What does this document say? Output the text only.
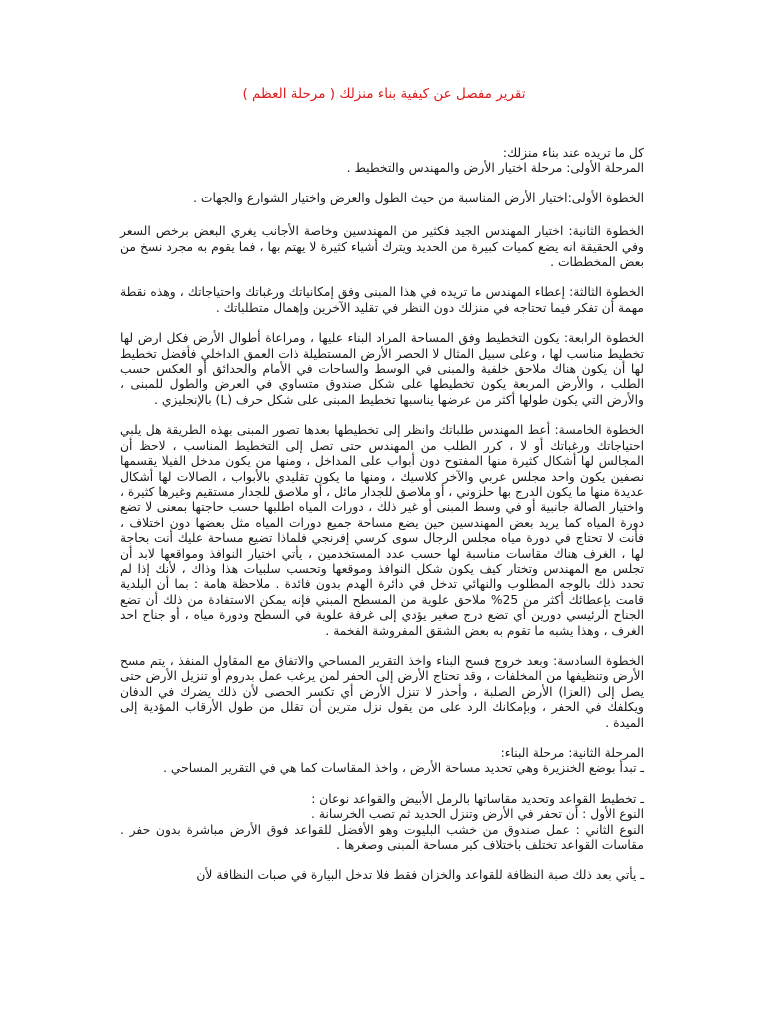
تقرير مفصل عن كيفية بناء منزلك ( مرحلة العظم )

كل ما تريده عند بناء منزلك:
المرحلة الأولى: مرحلة اختيار الأرض والمهندس والتخطيط .

الخطوة الأولى:اختيار الأرض المناسبة من حيث الطول والعرض واختيار الشوارع والجهات .

الخطوة الثانية: اختيار المهندس الجيد فكثير من المهندسين وخاصة الأجانب يغري البعض برخص السعر وفي الحقيقة انه يضع كميات كبيرة من الحديد ويترك أشياء كثيرة لا يهتم بها ، فما يقوم به مجرد نسخ من بعض المخططات .

الخطوة الثالثة: إعطاء المهندس ما تريده في هذا المبنى وفق إمكانياتك ورغباتك واحتياجاتك ، وهذه نقطة مهمة أن تفكر فيما تحتاجه في منزلك دون النظر في تقليد الآخرين وإهمال متطلباتك .

الخطوة الرابعة: يكون التخطيط وفق المساحة المراد البناء عليها ، ومراعاة أطوال الأرض فكل ارض لها تخطيط مناسب لها ، وعلى سبيل المثال لا الحصر الأرض المستطيلة ذات العمق الداخلي فأفضل تخطيط لها أن يكون هناك ملاحق خلفية والمبنى في الوسط والساحات في الأمام والحدائق أو العكس حسب الطلب ، والأرض المربعة يكون تخطيطها على شكل صندوق متساوي في العرض والطول للمبنى ، والأرض التي يكون طولها أكثر من عرضها يناسبها تخطيط المبنى على شكل حرف (L) بالإنجليزي .

الخطوة الخامسة: أعط المهندس طلباتك وانظر إلى تخطيطها بعدها تصور المبنى بهذه الطريقة هل يلبي احتياجاتك ورغباتك أو لا ، كرر الطلب من المهندس حتى تصل إلى التخطيط المناسب ، لاحظ أن المجالس لها أشكال كثيرة منها المفتوح دون أبواب على المداخل ، ومنها من يكون مدخل الفيلا يقسمها نصفين يكون واحد مجلس عربي والآخر كلاسيك ، ومنها ما يكون تقليدي بالأبواب ، الصالات لها أشكال عديدة منها ما يكون الدرج بها حلزوني ، أو ملاصق للجدار مائل ، أو ملاصق للجدار مستقيم وغيرها كثيرة ، واختيار الصالة جانبية أو في وسط المبنى أو غير ذلك ، دورات المياه اطلبها حسب حاجتها بمعنى لا تضع دورة المياه كما يريد بعض المهندسين حين يضع مساحة جميع دورات المياه مثل بعضها دون اختلاف ، فأنت لا تحتاج في دورة مياه مجلس الرجال سوى كرسي إفرنجي فلماذا تضيع مساحة عليك أنت بحاجة لها ، الغرف هناك مقاسات مناسبة لها حسب عدد المستخدمين ، يأتي اختيار النوافذ ومواقعها لابد أن تجلس مع المهندس وتختار كيف يكون شكل النوافذ وموقعها وتحسب سلبيات هذا وذاك ، لأنك إذا لم تحدد ذلك بالوجه المطلوب والنهائي تدخل في دائرة الهدم بدون فائدة . ملاحظة هامة : بما أن البلدية قامت بإعطائك أكثر من 25% ملاحق علوية من المسطح المبني فإنه يمكن الاستفادة من ذلك أن تضع الجناح الرئيسي دورين أي تضع درج صغير يؤدي إلى غرفة علوية في السطح ودورة مياه ، أو جناح احد الغرف ، وهذا يشبه ما تقوم به بعض الشقق المفروشة الفخمة .

الخطوة السادسة: وبعد خروج فسح البناء واخذ التقرير المساحي والاتفاق مع المقاول المنفذ ، يتم مسح الأرض وتنظيفها من المخلفات ، وقد تحتاج الأرض إلى الحفر لمن يرغب عمل بدروم أو تنزيل الأرض حتى يصل إلى (العزا) الأرض الصلبة ، وأحذر لا تنزل الأرض أي تكسر الحصى لأن ذلك يضرك في الدفان ويكلفك في الحفر ، وبإمكانك الرد على من يقول نزل مترين أن تقلل من طول الأرقاب المؤدية إلى الميدة .

المرحلة الثانية: مرحلة البناء:
ـ تبدأ بوضع الخنزيرة وهي تحديد مساحة الأرض ، واخذ المقاسات كما هي في التقرير المساحي .

ـ تخطيط القواعد وتحديد مقاساتها بالرمل الأبيض والقواعد نوعان :
النوع الأول : أن تحفر في الأرض وتنزل الحديد ثم تصب الخرسانة .
النوع الثاني : عمل صندوق من خشب البليوت وهو الأفضل للقواعد فوق الأرض مباشرة بدون حفر . مقاسات القواعد تختلف باختلاف كبر مساحة المبنى وصغرها .

ـ يأتي بعد ذلك صبة النظافة للقواعد والخزان فقط فلا تدخل البيارة في صبات النظافة لأن
